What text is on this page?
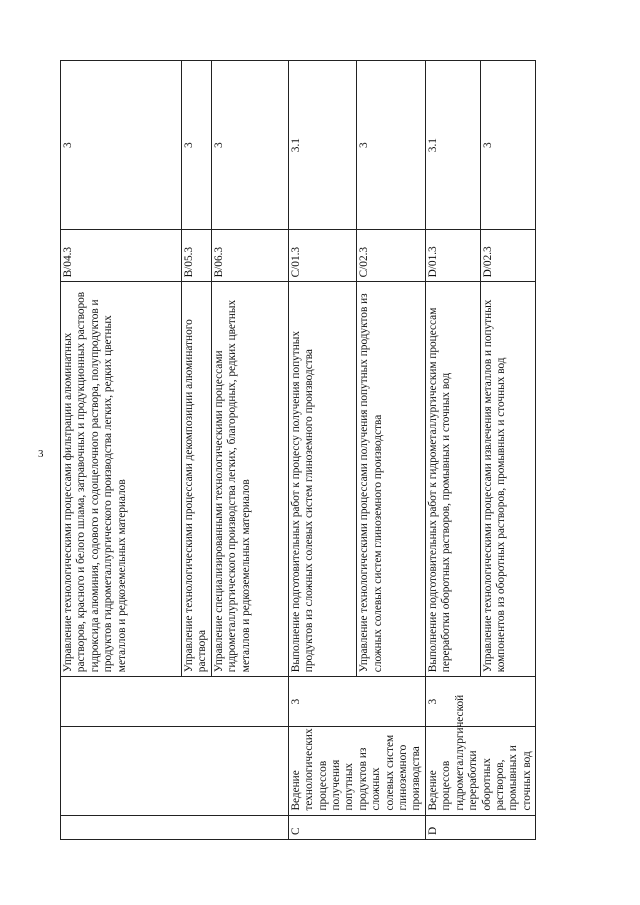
3
			Управление технологическими процессами фильтрации алюминатных растворов, красного и белого шлама, затравочных и продукционных растворов гидроксида алюминия, содового и содощелочного раствора, полупродуктов и продуктов гидрометаллургического производства легких, редких цветных металлов и редкоземельных материалов	B/04.3	3
			Управление технологическими процессами декомпозиции алюминатного раствора	B/05.3	3
			Управление специализированными технологическими процессами гидрометаллургического производства легких, благородных, редких цветных металлов и редкоземельных материалов	B/06.3	3
C	Ведение технологических процессов получения попутных продуктов из сложных солевых систем глиноземного производства	3	Выполнение подготовительных работ к процессу получения попутных продуктов из сложных солевых систем глиноземного производства	C/01.3	3.1
			Управление технологическими процессами получения попутных продуктов из сложных солевых систем глиноземного производства	C/02.3	3
D	Ведение процессов гидрометаллургической переработки оборотных растворов, промывных и сточных вод	3	Выполнение подготовительных работ к гидрометаллургическим процессам переработки оборотных растворов, промывных и сточных вод	D/01.3	3.1
			Управление технологическими процессами извлечения металлов и попутных компонентов из оборотных растворов, промывных и сточных вод	D/02.3	3
